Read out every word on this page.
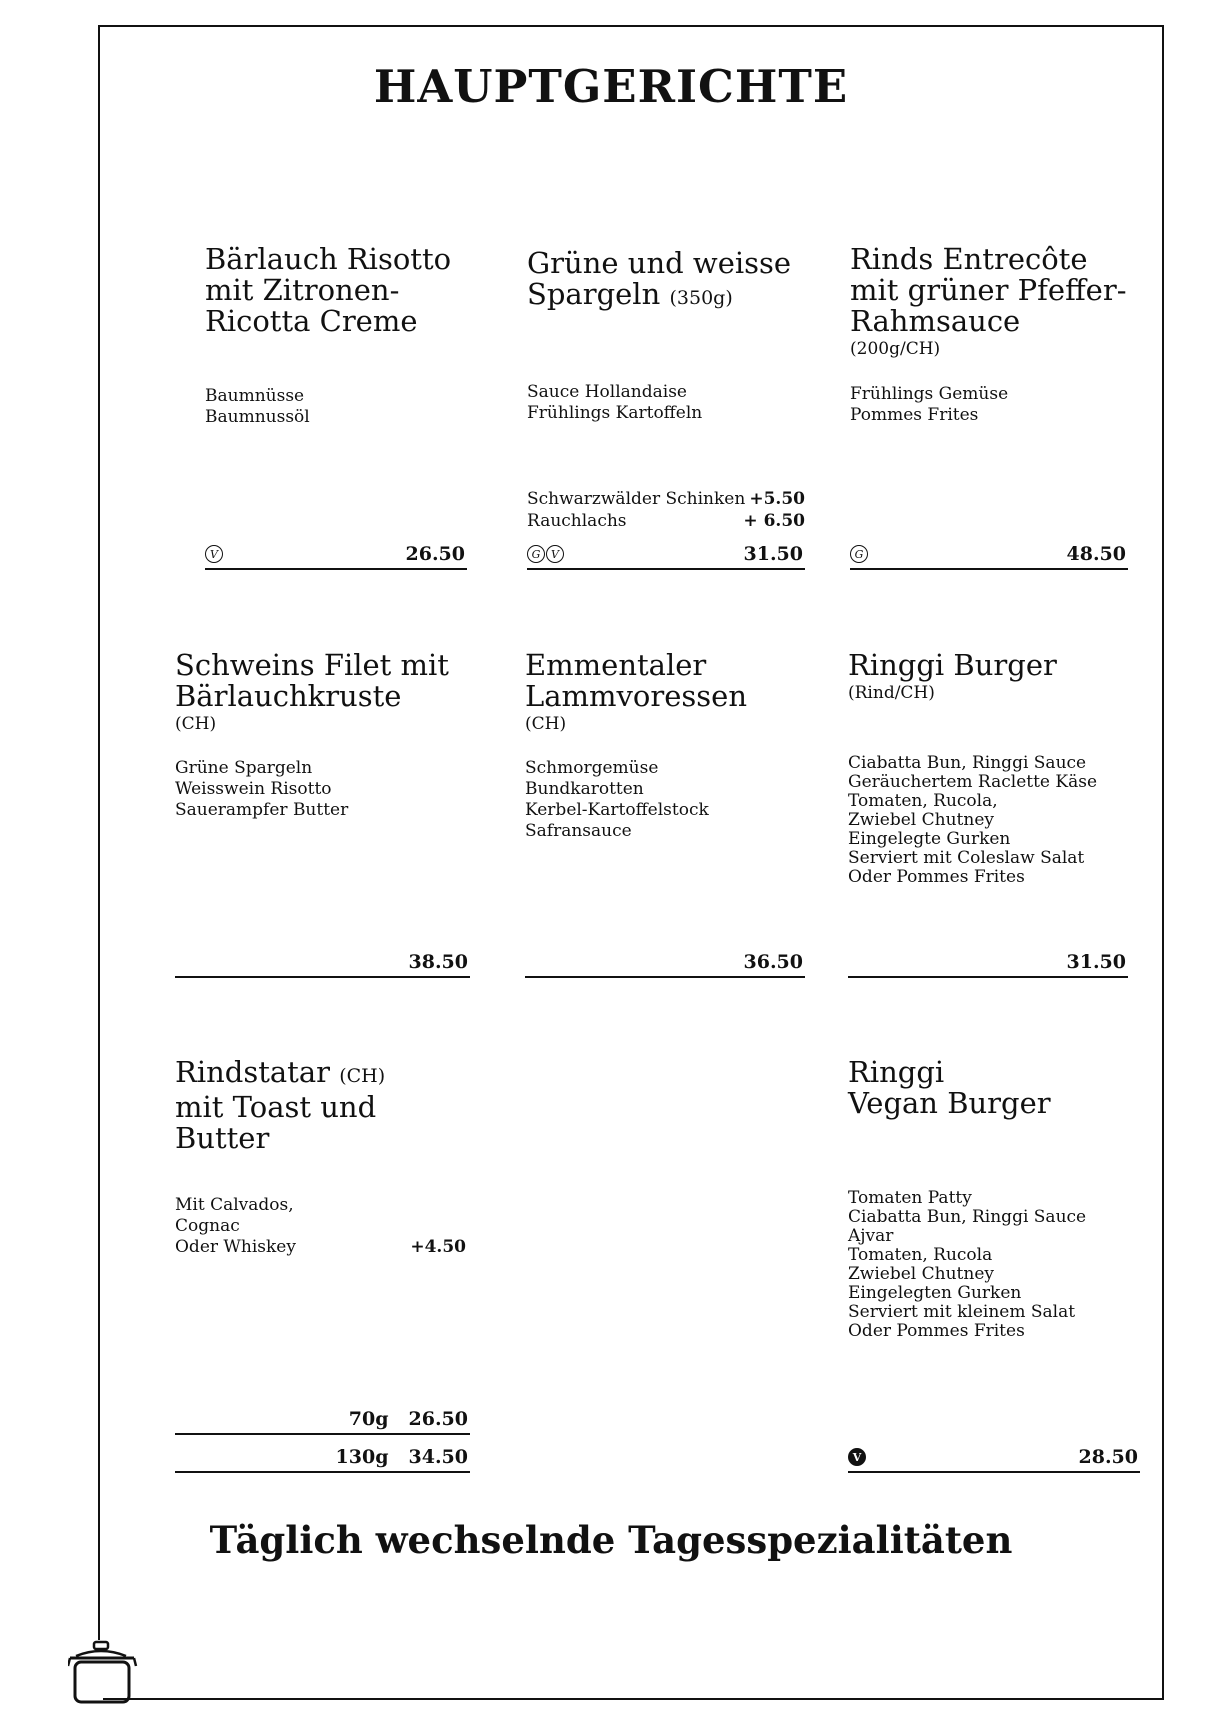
HAUPTGERICHTE
Bärlauch Risotto
mit Zitronen-
Ricotta Creme
Baumnüsse
Baumnussöl
V	26.50
Grüne und weisse
Spargeln (350g)
Sauce Hollandaise
Frühlings Kartoffeln
Schwarzwälder Schinken +5.50
Rauchlachs	+ 6.50
G V	31.50
Rinds Entrecôte
mit grüner Pfeffer-
Rahmsauce
(200g/CH)
Frühlings Gemüse
Pommes Frites
G	48.50
Schweins Filet mit
Bärlauchkruste
(CH)
Grüne Spargeln
Weisswein Risotto
Sauerampfer Butter
38.50
Emmentaler
Lammvoressen
(CH)
Schmorgemüse
Bundkarotten
Kerbel-Kartoffelstock
Safransauce
36.50
Ringgi Burger
(Rind/CH)
Ciabatta Bun, Ringgi Sauce
Geräuchertem Raclette Käse
Tomaten, Rucola,
Zwiebel Chutney
Eingelegte Gurken
Serviert mit Coleslaw Salat
Oder Pommes Frites
31.50
Rindstatar (CH)
mit Toast und
Butter
Mit Calvados,
Cognac
Oder Whiskey	+4.50
70g 26.50
130g 34.50
Ringgi
Vegan Burger
Tomaten Patty
Ciabatta Bun, Ringgi Sauce
Ajvar
Tomaten, Rucola
Zwiebel Chutney
Eingelegten Gurken
Serviert mit kleinem Salat
Oder Pommes Frites
V	28.50
Täglich wechselnde Tagesspezialitäten
